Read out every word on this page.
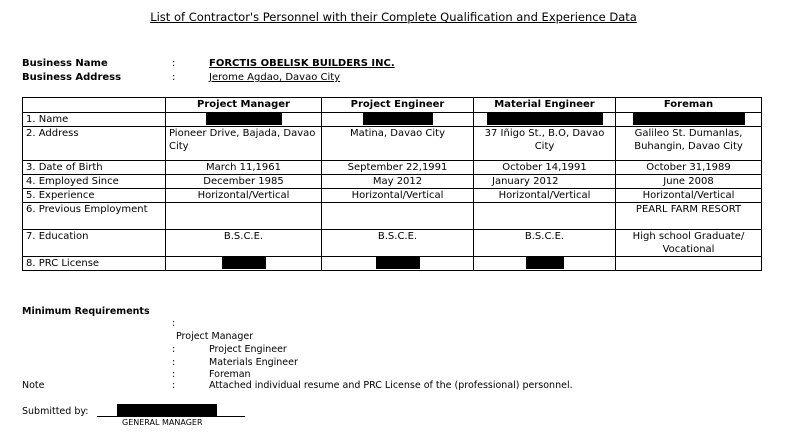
List of Contractor's Personnel with their Complete Qualification and Experience Data
Business Name	:	FORCTIS OBELISK BUILDERS INC.
Business Address	:	Jerome Agdao, Davao City
	Project Manager	Project Engineer	Material Engineer	Foreman
1. Name				
2. Address	Pioneer Drive, Bajada, Davao City	Matina, Davao City	37 Iñigo St., B.O, Davao City	Galileo St. Dumanlas, Buhangin, Davao City
3. Date of Birth	March 11,1961	September 22,1991	October 14,1991	October 31,1989
4. Employed Since	December 1985	May 2012	January 2012	June 2008
5. Experience	Horizontal/Vertical	Horizontal/Vertical	Horizontal/Vertical	Horizontal/Vertical
6. Previous Employment				PEARL FARM RESORT
7. Education	B.S.C.E.	B.S.C.E.	B.S.C.E.	High school Graduate/ Vocational
8. PRC License				
Minimum Requirements
:
Project Manager
:	Project Engineer
:	Materials Engineer
:	Foreman
Note	:	Attached individual resume and PRC License of the (professional) personnel.
Submitted by:
GENERAL MANAGER
